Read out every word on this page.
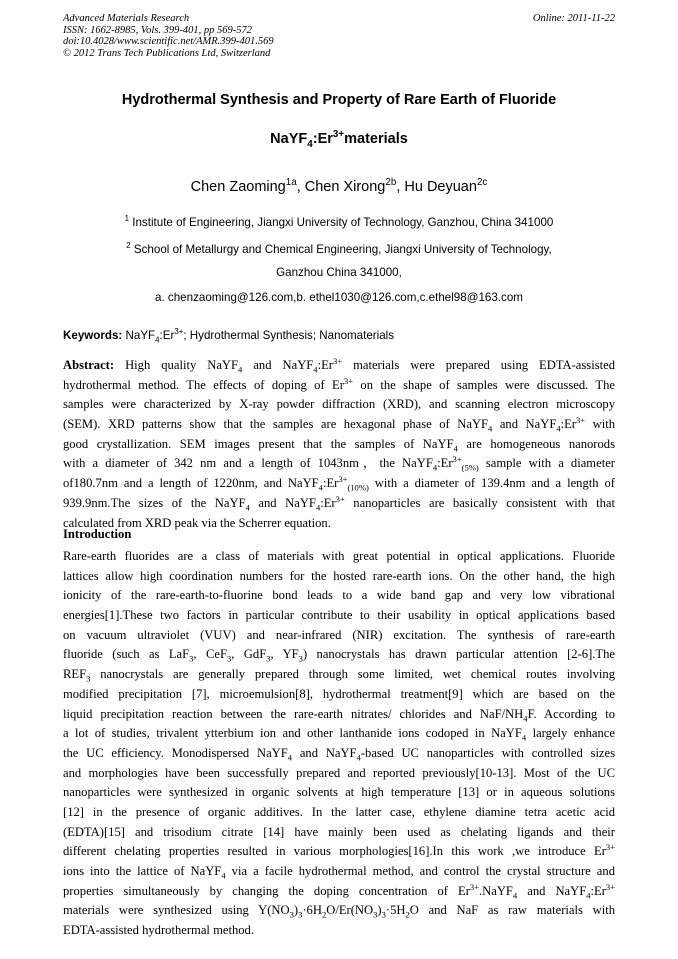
Advanced Materials Research
ISSN: 1662-8985, Vols. 399-401, pp 569-572
doi:10.4028/www.scientific.net/AMR.399-401.569
© 2012 Trans Tech Publications Ltd, Switzerland
Online: 2011-11-22
Hydrothermal Synthesis and Property of Rare Earth of Fluoride
$NaYF_4:Er^{3+}materials$
Chen Zaoming$^{1a}$, Chen Xirong$^{2b}$, Hu Deyuan$^{2c}$
$^1$ Institute of Engineering, Jiangxi University of Technology, Ganzhou, China 341000
$^2$ School of Metallurgy and Chemical Engineering, Jiangxi University of Technology,
Ganzhou China 341000,
a. chenzaoming@126.com,b. ethel1030@126.com,c.ethel98@163.com
Keywords: $NaYF_4:Er^{3+}$; Hydrothermal Synthesis; Nanomaterials
Abstract: High quality NaYF$_4$ and $NaYF_4:Er^{3+}$ materials were prepared using EDTA-assisted
hydrothermal method. The effects of doping of $Er^{3+}$ on the shape of samples were discussed. The
samples were characterized by X-ray powder diffraction (XRD), and scanning electron microscopy
(SEM). XRD patterns show that the samples are hexagonal phase of NaYF$_4$ and $NaYF_4:Er^{3+}$ with
good crystallization. SEM images present that the samples of NaYF$_4$ are homogeneous nanorods
with a diameter of 342 nm and a length of 1043nm，the $NaYF_4:Er^{3+}_{(5\%)}$ sample with a diameter
of180.7nm and a length of 1220nm, and $NaYF_4:Er^{3+}_{(10\%)}$ with a diameter of 139.4nm and a length of
939.9nm.The sizes of the NaYF$_4$ and $NaYF_4:Er^{3+}$ nanoparticles are basically consistent with that
calculated from XRD peak via the Scherrer equation.
Introduction
Rare-earth fluorides are a class of materials with great potential in optical applications. Fluoride
lattices allow high coordination numbers for the hosted rare-earth ions. On the other hand, the high
ionicity of the rare-earth-to-fluorine bond leads to a wide band gap and very low vibrational
energies[1].These two factors in particular contribute to their usability in optical applications based
on vacuum ultraviolet (VUV) and near-infrared (NIR) excitation. The synthesis of rare-earth
fluoride (such as LaF$_3$, CeF$_3$, GdF$_3$, $YF_3$) nanocrystals has drawn particular attention [2-6].The
$REF_3$ nanocrystals are generally prepared through some limited, wet chemical routes involving
modified precipitation [7], microemulsion[8], hydrothermal treatment[9] which are based on the
liquid precipitation reaction between the rare-earth nitrates/ chlorides and NaF/$NH_4F$. According to
a lot of studies, trivalent ytterbium ion and other lanthanide ions codoped in NaYF$_4$ largely enhance
the UC efficiency. Monodispersed NaYF$_4$ and NaYF$_4$-based UC nanoparticles with controlled sizes
and morphologies have been successfully prepared and reported previously[10-13]. Most of the UC
nanoparticles were synthesized in organic solvents at high temperature [13] or in aqueous solutions
[12] in the presence of organic additives. In the latter case, ethylene diamine tetra acetic acid
(EDTA)[15] and trisodium citrate [14] have mainly been used as chelating ligands and their
different chelating properties resulted in various morphologies[16].In this work ,we introduce $Er^{3+}$
ions into the lattice of NaYF$_4$ via a facile hydrothermal method, and control the crystal structure and
properties simultaneously by changing the doping concentration of $Er^{3+}.NaYF_4$ and $NaYF_4:Er^{3+}$
materials were synthesized using $Y(NO_3)_3\cdot 6H_2O/Er(NO_3)_3\cdot 5H_2O$ and NaF as raw materials with
EDTA-assisted hydrothermal method.
